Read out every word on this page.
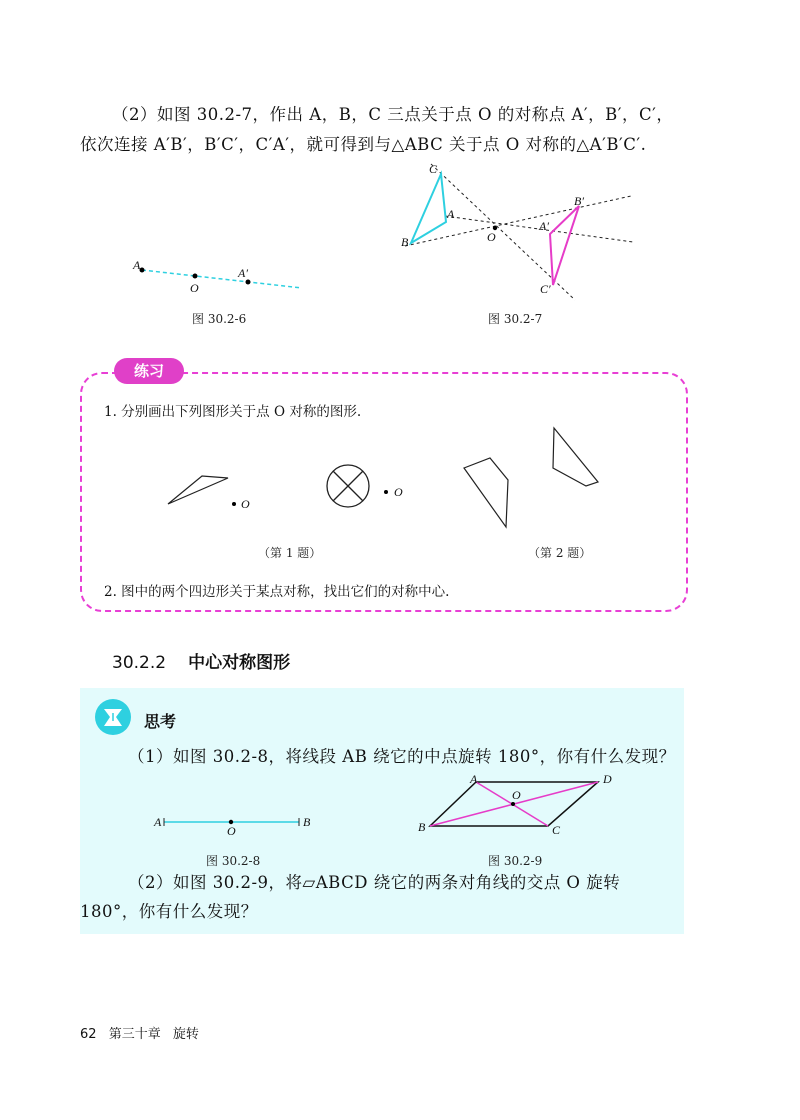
（2）如图 30.2-7，作出 A，B，C 三点关于点 O 的对称点 A′，B′，C′，
依次连接 A′B′，B′C′，C′A′，就可得到与△ABC 关于点 O 对称的△A′B′C′.
A
O
A′
图 30.2-6
C
A
B	O
B′
A′
C′
图 30.2-7
练习
1. 分别画出下列图形关于点 O 对称的图形.
O
O
（第 1 题）	（第 2 题）
2. 图中的两个四边形关于某点对称，找出它们的对称中心.
30.2.2 中心对称图形
思考
（1）如图 30.2-8，将线段 AB 绕它的中点旋转 180°，你有什么发现？
A
O
B
图 30.2-8
A	D
O
B	C
图 30.2-9
（2）如图 30.2-9，将▱ABCD 绕它的两条对角线的交点 O 旋转
180°，你有什么发现？
62 第三十章 旋转
